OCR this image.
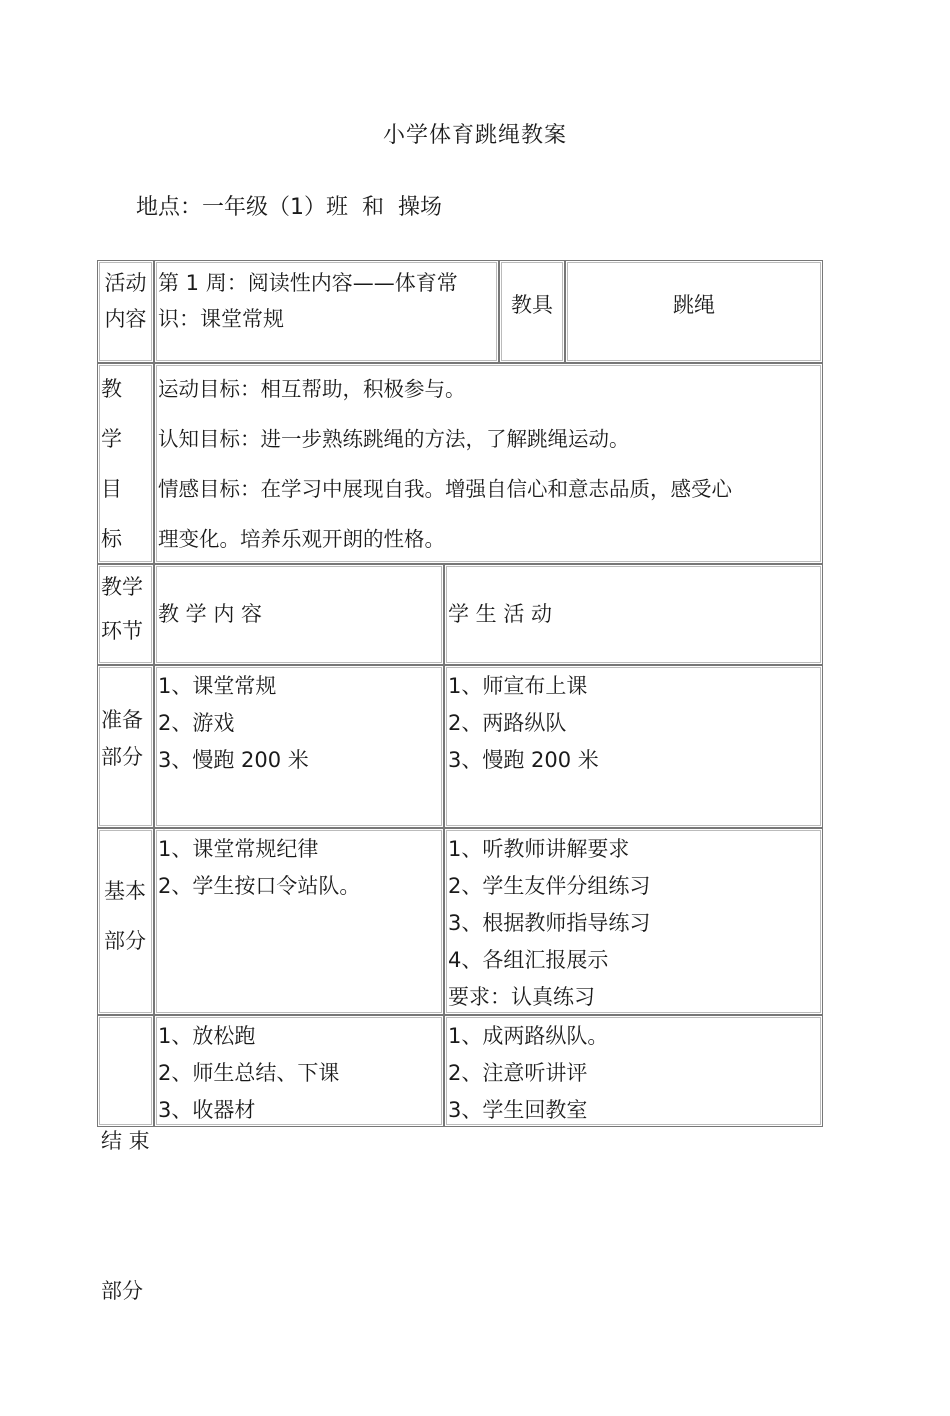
小学体育跳绳教案
地点：一年级（1）班  和  操场
活动
内容
第 1 周：阅读性内容——体育常
识：课堂常规
教具	跳绳
教
学
目
标
运动目标：相互帮助，积极参与。
认知目标：进一步熟练跳绳的方法，了解跳绳运动。
情感目标：在学习中展现自我。增强自信心和意志品质，感受心
理变化。培养乐观开朗的性格。
教学
环节
教 学 内 容	学 生 活 动
准备
部分
1、课堂常规
2、游戏
3、慢跑 200 米
1、师宣布上课
2、两路纵队
3、慢跑 200 米
基本
部分
1、课堂常规纪律
2、学生按口令站队。
1、听教师讲解要求
2、学生友伴分组练习
3、根据教师指导练习
4、各组汇报展示
要求：认真练习

结 束

部分

1、放松跑
2、师生总结、下课
3、收器材
1、成两路纵队。
2、注意听讲评
3、学生回教室
